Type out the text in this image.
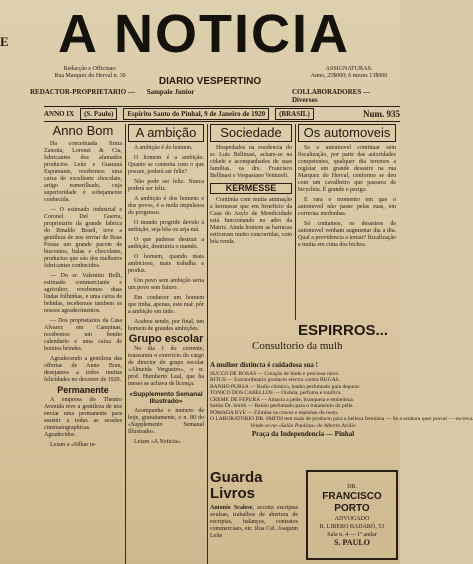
E A NOTICIA
Redacção e Officinas:
Rua Marquez do Herval n. 30	DIARIO VESPERTINO
ASSIGNATURAS:
Anno, 25$000; 6 mezes 13$000
REDACTOR-PROPRIETARIO — Sampaio Junior	COLLABORADORES — Diversos
ANNO IX	(S. Paulo)	Espirito Santo do Pinhal, 9 de Janeiro de 1920	(BRASIL)	Num. 935
Anno Bom

Da conceituada firma Zanotta, Lorenzi & Cia, fabricantes dos afamados productos Leite e Guaraná Espumante, recebemos uma caixa de excellente chocolate, artigo esmerilhado, cuja superioridade é sobejamente conhecida.

— O estimado industrial e Coronel Del Guerra, proprietario da grande fabrica do Rinaldo Brasil, teve a gentileza de nos enviar de Boas Festas um grande pacote de biscoutos, balas e chocolates, productos que são dos melhores fabricantes conhecidos.

— Do sr. Valentim Bolli, estimado commerciante e agricultor, recebemos duas lindas folhinhas, e uma caixa de bebidas, recebemos tambem os nossos agradecimentos.

— Dos proprietarios da Casa Alvarez em Campinas, recebemos um bonito calendario e uma caixa de bonitos brindes.

Agradecendo a gentileza das offertas de Anno Bom, desejamos a todos muitas felicidades no decorrer de 1920.

Permanente

A empresa do Theatro Avenida teve a gentileza de nos enviar uma permanente para assistir a todas as sessões cinematographicas. Agradecidos.

Leiam a «Silhar re-

A ambição

A ambição é do homem.

O homem é a ambição. Quanto se contenta com o que possue, poderá ser feliz?

Não pode ser feliz. Nunca poderá ser feliz.

A ambição é dos homens e dos povos, é a mola impulsora do progresso.

O mundo progride devido á ambição, seja bôa ou seja má.

O que pudesse destruir a ambição, destruiria o mundo.

O homem, quando mais ambicioso, mais trabalha e produz.

Um povo sem ambição seria um povo sem futuro.

Em conhecer um homem que tinha, apenas, este mal: pôr a ambição em tudo.

Acabou sendo, por final, um homem de grandes ambições.

Grupo escolar

No dia 1 do corrente, reassumiu o exercicio do cargo de director do grupo escolar «Almeida Vergueiro», o sr. prof. Humberto Leal, que ha meses se achava de licença.

«Supplemento Semanal Illustrado»

Acompanha o numero de hoje, gratuitamente, o n. 80 do «Supplemento Semanal Illustrado».

Leiam «A Noticia».

Sociedade

Hospedados na residencia do sr. Luis Bellinasi, acham-se na cidade e acompanhados de suas familias, os drs. Francisco Bellinasi e Vespasiano Ventureli.

KERMESSE

Continúa com muita animação a kermesse que em beneficio da Casa do Asylo de Mendicidade está funcionando no adro da Matriz. Ainda hontem as barracas estiveram muito concorridas, com bôa renda.

Os automoveis

Se o automovel continuar sem fiscalização, por parte das autoridades competentes, qualquer dia teremos a registar um grande desastre na rua Marquez do Herval, conforme se deu com um cavalheiro que passava de bicycleta. É grande o perigo.

E rara o momento em que o automovel não passe pelas ruas, em correrias medonhas.

Só contamos, os desastres de automovel venham augmentar dia a dia. Qual a providencia a tomar? fiscalização e muita em cima dos bichos.

ESPIRROS...
Consultorio da mulh
A mulher distincta é cuidadosa sua !
SUCCO DE ROSAS — Creação de lindo e preciosa ruivo.
RITUS — Extraordinario producto electro contra RUGAS.
BANHO PURSA — Radio chimico, banho perfumado para depurar.
TONICO DOS CABELLOS — Ondula, perfuma e tonifica.
CREME DE FEPURA — Amacia a pelle, branqueia e embelleza.
Sabão Dr. Smith — Banho perfumado para o tratamento da pelle.
POMADA BYE — Elimina os cravos e espinhas do rosto.
O LABORATORIO DR. SMITH tem mais de producto para a belleza feminina — Se a senhora quer provar — escreva.
Vende-se na «Salão Paulista» de Alberto Arólio
Praça da Independencia — Pinhal
Guarda Livros

Antonio Scalese, acceita escriptas avulsas, trabalhos de abertura de escriptas, balanços, contratos commerciaes, etc. Rua Cel. Joaquim Leite

DR.
FRANCISCO PORTO
ADVOGADO
R. LIBERO BADARÓ, 53
Sala n. 4 — 1º andar
S. PAULO
